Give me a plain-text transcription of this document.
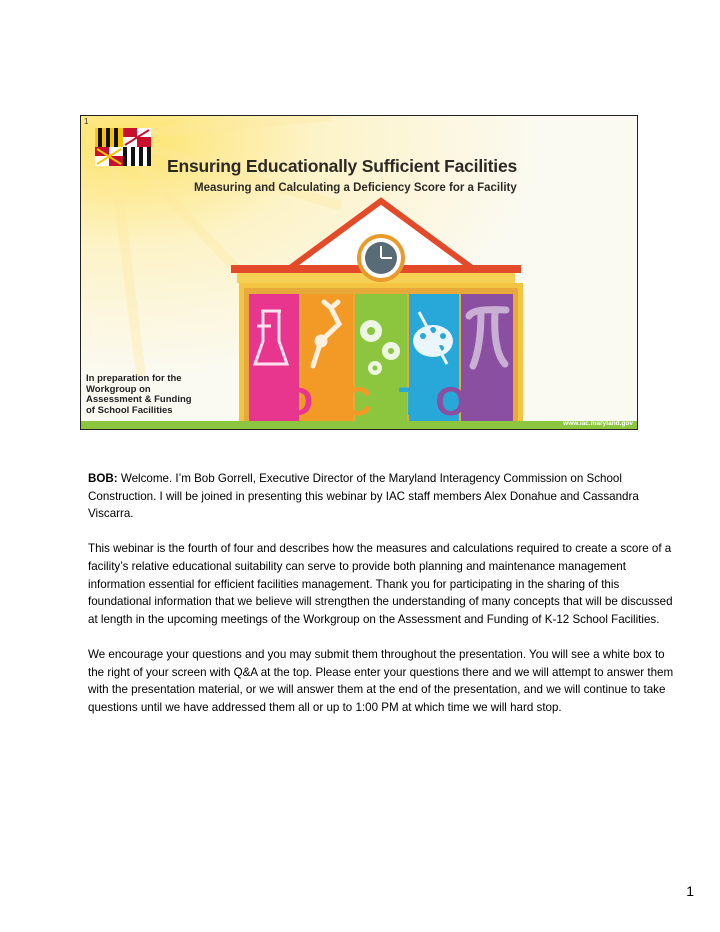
1
Ensuring Educationally Sufficient Facilities
Measuring and Calculating a Deficiency Score for a Facility
In preparation for the
Workgroup on
Assessment & Funding
of School Facilities	EDUCATION	www.iac.maryland.gov

BOB: Welcome. I’m Bob Gorrell, Executive Director of the Maryland Interagency Commission on School Construction. I will be joined in presenting this webinar by IAC staff members Alex Donahue and Cassandra Viscarra.

This webinar is the fourth of four and describes how the measures and calculations required to create a score of a facility’s relative educational suitability can serve to provide both planning and maintenance management information essential for efficient facilities management. Thank you for participating in the sharing of this foundational information that we believe will strengthen the understanding of many concepts that will be discussed at length in the upcoming meetings of the Workgroup on the Assessment and Funding of K-12 School Facilities.

We encourage your questions and you may submit them throughout the presentation. You will see a white box to the right of your screen with Q&A at the top. Please enter your questions there and we will attempt to answer them with the presentation material, or we will answer them at the end of the presentation, and we will continue to take questions until we have addressed them all or up to 1:00 PM at which time we will hard stop.

1
